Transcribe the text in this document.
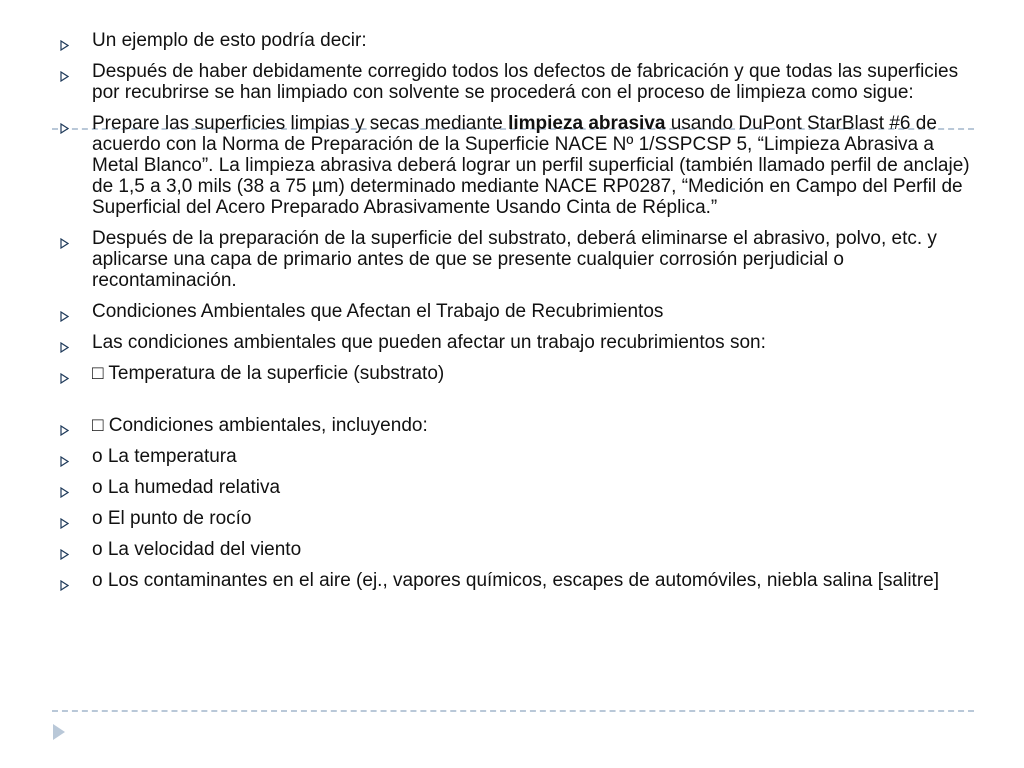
Un ejemplo de esto podría decir:
Después de haber debidamente corregido todos los defectos de fabricación y que todas las superficies por recubrirse se han limpiado con solvente se procederá con el proceso de limpieza como sigue:
Prepare las superficies limpias y secas mediante limpieza abrasiva usando DuPont StarBlast #6 de acuerdo con la Norma de Preparación de la Superficie NACE Nº 1/SSPCSP 5, “Limpieza Abrasiva a Metal Blanco”. La limpieza abrasiva deberá lograr un perfil superficial (también llamado perfil de anclaje) de 1,5 a 3,0 mils (38 a 75 µm) determinado mediante NACE RP0287, “Medición en Campo del Perfil de Superficial del Acero Preparado Abrasivamente Usando Cinta de Réplica.”
Después de la preparación de la superficie del substrato, deberá eliminarse el abrasivo, polvo, etc. y aplicarse una capa de primario antes de que se presente cualquier corrosión perjudicial o recontaminación.
Condiciones Ambientales que Afectan el Trabajo de Recubrimientos
Las condiciones ambientales que pueden afectar un trabajo recubrimientos son:
□ Temperatura de la superficie (substrato)
□ Condiciones ambientales, incluyendo:
o La temperatura
o La humedad relativa
o El punto de rocío
o La velocidad del viento
o Los contaminantes en el aire (ej., vapores químicos, escapes de automóviles, niebla salina [salitre]
